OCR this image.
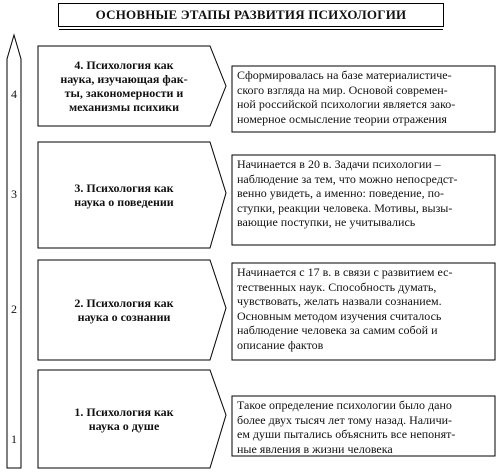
ОСНОВНЫЕ ЭТАПЫ РАЗВИТИЯ ПСИХОЛОГИИ
4
3
2
1
4. Психология как
наука, изучающая фак-
ты, закономерности и
механизмы психики
3. Психология как
наука о поведении
2. Психология как
наука о сознании
1. Психология как
наука о душе
Сформировалась на базе материалистиче-
ского взгляда на мир. Основой современ-
ной российской психологии является зако-
номерное осмысление теории отражения
Начинается в 20 в. Задачи психологии –
наблюдение за тем, что можно непосредст-
венно увидеть, а именно: поведение, по-
ступки, реакции человека. Мотивы, вызы-
вающие поступки, не учитывались
Начинается с 17 в. в связи с развитием ес-
тественных наук. Способность думать,
чувствовать, желать назвали сознанием.
Основным методом изучения считалось
наблюдение человека за самим собой и
описание фактов
Такое определение психологии было дано
более двух тысяч лет тому назад. Наличи-
ем души пытались объяснить все непонят-
ные явления в жизни человека
